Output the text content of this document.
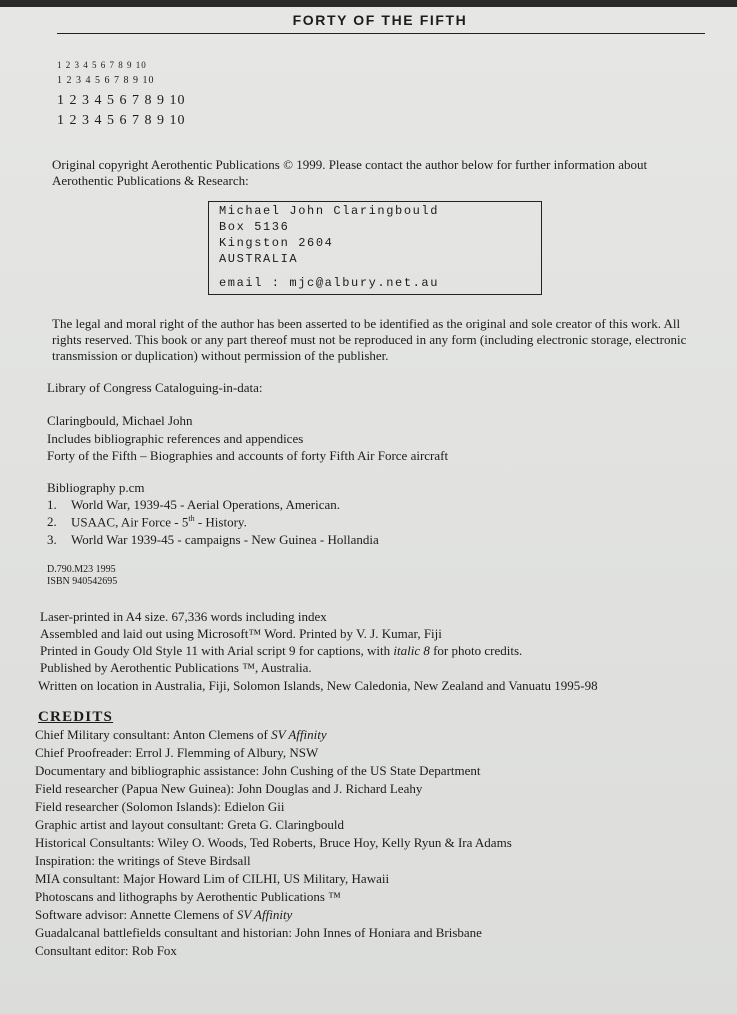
FORTY OF THE FIFTH
1 2 3 4 5 6 7 8 9 10
1 2 3 4 5 6 7 8 9 10
1 2 3 4 5 6 7 8 9 10
1 2 3 4 5 6 7 8 9 10
Original copyright Aerothentic Publications © 1999. Please contact the author below for further information about Aerothentic Publications & Research:
Michael John Claringbould
Box 5136
Kingston 2604
AUSTRALIA
email : mjc@albury.net.au
The legal and moral right of the author has been asserted to be identified as the original and sole creator of this work. All rights reserved. This book or any part thereof must not be reproduced in any form (including electronic storage, electronic transmission or duplication) without permission of the publisher.
Library of Congress Cataloguing-in-data:
Claringbould, Michael John
Includes bibliographic references and appendices
Forty of the Fifth – Biographies and accounts of forty Fifth Air Force aircraft
Bibliography p.cm
1. World War, 1939-45 - Aerial Operations, American.
2. USAAC, Air Force - 5th - History.
3. World War 1939-45 - campaigns - New Guinea - Hollandia
D.790.M23 1995
ISBN 940542695
Laser-printed in A4 size. 67,336 words including index
Assembled and laid out using Microsoft™ Word. Printed by V. J. Kumar, Fiji
Printed in Goudy Old Style 11 with Arial script 9 for captions, with italic 8 for photo credits.
Published by Aerothentic Publications ™, Australia.
Written on location in Australia, Fiji, Solomon Islands, New Caledonia, New Zealand and Vanuatu 1995-98
CREDITS
Chief Military consultant: Anton Clemens of SV Affinity
Chief Proofreader: Errol J. Flemming of Albury, NSW
Documentary and bibliographic assistance: John Cushing of the US State Department
Field researcher (Papua New Guinea): John Douglas and J. Richard Leahy
Field researcher (Solomon Islands): Edielon Gii
Graphic artist and layout consultant: Greta G. Claringbould
Historical Consultants: Wiley O. Woods, Ted Roberts, Bruce Hoy, Kelly Ryun & Ira Adams
Inspiration: the writings of Steve Birdsall
MIA consultant: Major Howard Lim of CILHI, US Military, Hawaii
Photoscans and lithographs by Aerothentic Publications ™
Software advisor: Annette Clemens of SV Affinity
Guadalcanal battlefields consultant and historian: John Innes of Honiara and Brisbane
Consultant editor: Rob Fox
